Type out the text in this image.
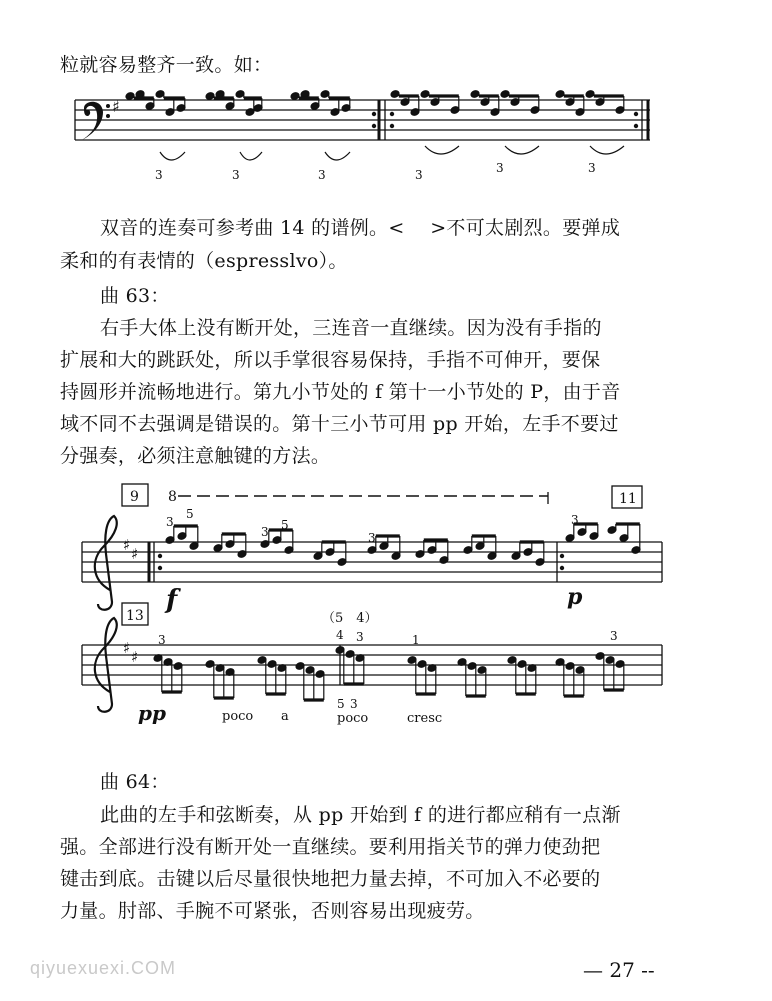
粒就容易整齐一致。如：
♯
3	3	3	3	3	3
双音的连奏可参考曲 14 的谱例。<　 >不可太剧烈。要弹成
柔和的有表情的（espresslvo）。
曲 63：
右手大体上没有断开处，三连音一直继续。因为没有手指的
扩展和大的跳跃处，所以手掌很容易保持，手指不可伸开，要保
持圆形并流畅地进行。第九小节处的 f 第十一小节处的 P，由于音
域不同不去强调是错误的。第十三小节可用 pp 开始，左手不要过
分强奏，必须注意触键的方法。
♯ ♯
♯ ♯
9 8	11
13
3
5
3 5
3
3
f	p
（5　4）
3	4 3	1	3
5 3
pp	poco a	poco	cresc
曲 64：
此曲的左手和弦断奏，从 pp 开始到 f 的进行都应稍有一点渐
强。全部进行没有断开处一直继续。要利用指关节的弹力使劲把
键击到底。击键以后尽量很快地把力量去掉，不可加入不必要的
力量。肘部、手腕不可紧张，否则容易出现疲劳。
qiyuexuexi.COM	— 27 --
